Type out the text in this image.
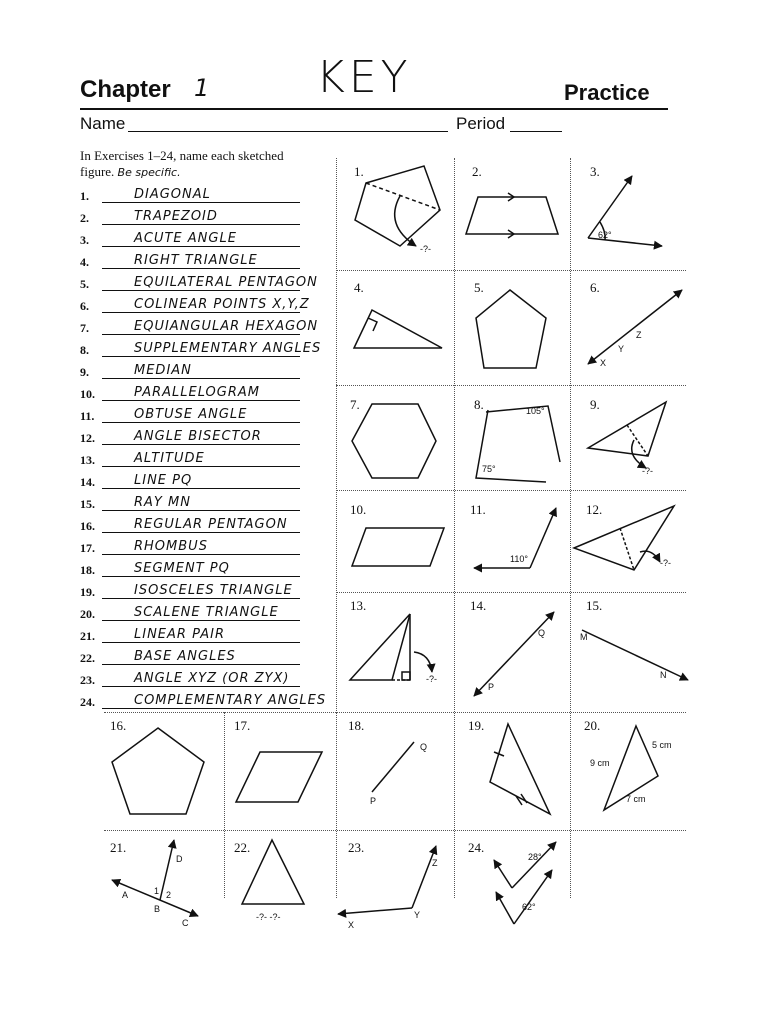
Chapter 1 KEY	Practice
Name	Period
In Exercises 1–24, name each sketched figure. Be specific.
1.	DIAGONAL
2.	TRAPEZOID
3.	ACUTE ANGLE
4.	RIGHT TRIANGLE
5.	EQUILATERAL PENTAGON
6.	COLINEAR POINTS X,Y,Z
7.	EQUIANGULAR HEXAGON
8.	SUPPLEMENTARY ANGLES
9.	MEDIAN
10.	PARALLELOGRAM
11.	OBTUSE ANGLE
12.	ANGLE BISECTOR
13.	ALTITUDE
14.	LINE PQ
15.	RAY MN
16.	REGULAR PENTAGON
17.	RHOMBUS
18.	SEGMENT PQ
19.	ISOSCELES TRIANGLE
20.	SCALENE TRIANGLE
21.	LINEAR PAIR
22.	BASE ANGLES
23.	ANGLE XYZ (OR ZYX)
24.	COMPLEMENTARY ANGLES
1.	2.	3.
4.	5.	6.
7.	8.	9.
10.	11.	12.
13.	14.	15.
16.	17.	18.	19.	20.
21.	22.	23.	24.
-?-
62°
X
Y
Z
105°
75°	-?-
110°	-?-
-?-
P
Q	M
N
P
Q	5 cm
9 cm
7 cm
A
B
C
D
1 2
-?- -?-
X
Y
Z
28°
62°
